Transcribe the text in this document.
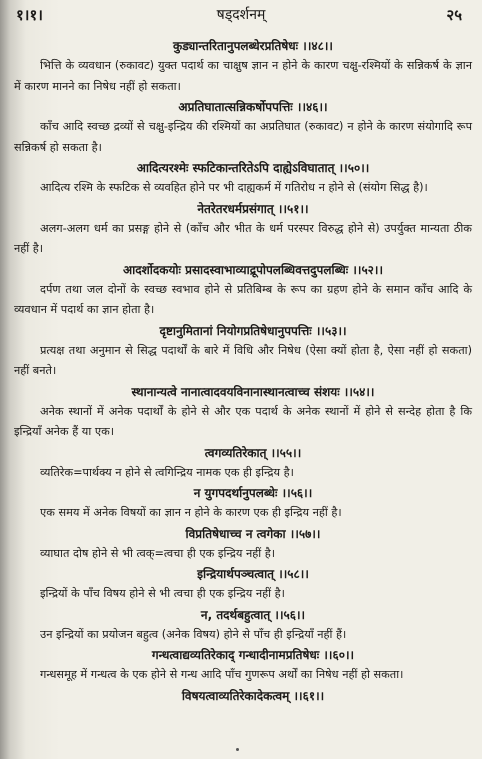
१।१।	षड्दर्शनम्	२५
कुड्यान्तरितानुपलब्धेरप्रतिषेधः ।।४८।।

भित्ति के व्यवधान (रुकावट) युक्त पदार्थ का चाक्षुष ज्ञान न होने के कारण चक्षु-रश्मियों के सन्निकर्ष के ज्ञान में कारण मानने का निषेध नहीं हो सकता।

अप्रतिघातात्सन्निकर्षोपपत्तिः ।।४६।।

काँच आदि स्वच्छ द्रव्यों से चक्षु-इन्द्रिय की रश्मियों का अप्रतिघात (रुकावट) न होने के कारण संयोगादि रूप सन्निकर्ष हो सकता है।

आदित्यरश्मेः स्फटिकान्तरितेऽपि दाह्येऽविघातात् ।।५०।।

आदित्य रश्मि के स्फटिक से व्यवहित होने पर भी दाह्यकर्म में गतिरोध न होने से (संयोग सिद्ध है)।

नेतरेतरधर्मप्रसंगात् ।।५१।।

अलग-अलग धर्म का प्रसङ्ग होने से (काँच और भीत के धर्म परस्पर विरुद्ध होने से) उपर्युक्त मान्यता ठीक नहीं है।

आदर्शोदकयोः प्रसादस्वाभाव्याद्रूपोपलब्धिवत्तदुपलब्धिः ।।५२।।

दर्पण तथा जल दोनों के स्वच्छ स्वभाव होने से प्रतिबिम्ब के रूप का ग्रहण होने के समान काँच आदि के व्यवधान में पदार्थ का ज्ञान होता है।

दृष्टानुमितानां नियोगप्रतिषेधानुपपत्तिः ।।५३।।

प्रत्यक्ष तथा अनुमान से सिद्ध पदार्थों के बारे में विधि और निषेध (ऐसा क्यों होता है, ऐसा नहीं हो सकता) नहीं बनते।

स्थानान्यत्वे नानात्वादवयविनानास्थानत्वाच्च संशयः ।।५४।।

अनेक स्थानों में अनेक पदार्थों के होने से और एक पदार्थ के अनेक स्थानों में होने से सन्देह होता है कि इन्द्रियाँ अनेक हैं या एक।

त्वगव्यतिरेकात् ।।५५।।

व्यतिरेक=पार्थक्य न होने से त्वगिन्द्रिय नामक एक ही इन्द्रिय है।

न युगपदर्थानुपलब्धेः ।।५६।।

एक समय में अनेक विषयों का ज्ञान न होने के कारण एक ही इन्द्रिय नहीं है।

विप्रतिषेधाच्च न त्वगेका ।।५७।।

व्याघात दोष होने से भी त्वक्=त्वचा ही एक इन्द्रिय नहीं है।

इन्द्रियार्थपञ्चत्वात् ।।५८।।

इन्द्रियों के पाँच विषय होने से भी त्वचा ही एक इन्द्रिय नहीं है।

न, तदर्थबहुत्वात् ।।५६।।

उन इन्द्रियों का प्रयोजन बहुत्व (अनेक विषय) होने से पाँच ही इन्द्रियाँ नहीं हैं।

गन्धत्वाद्यव्यतिरेकाद् गन्धादीनामप्रतिषेधः ।।६०।।

गन्धसमूह में गन्धत्व के एक होने से गन्ध आदि पाँच गुणरूप अर्थों का निषेध नहीं हो सकता।

विषयत्वाव्यतिरेकादेकत्वम् ।।६१।।
